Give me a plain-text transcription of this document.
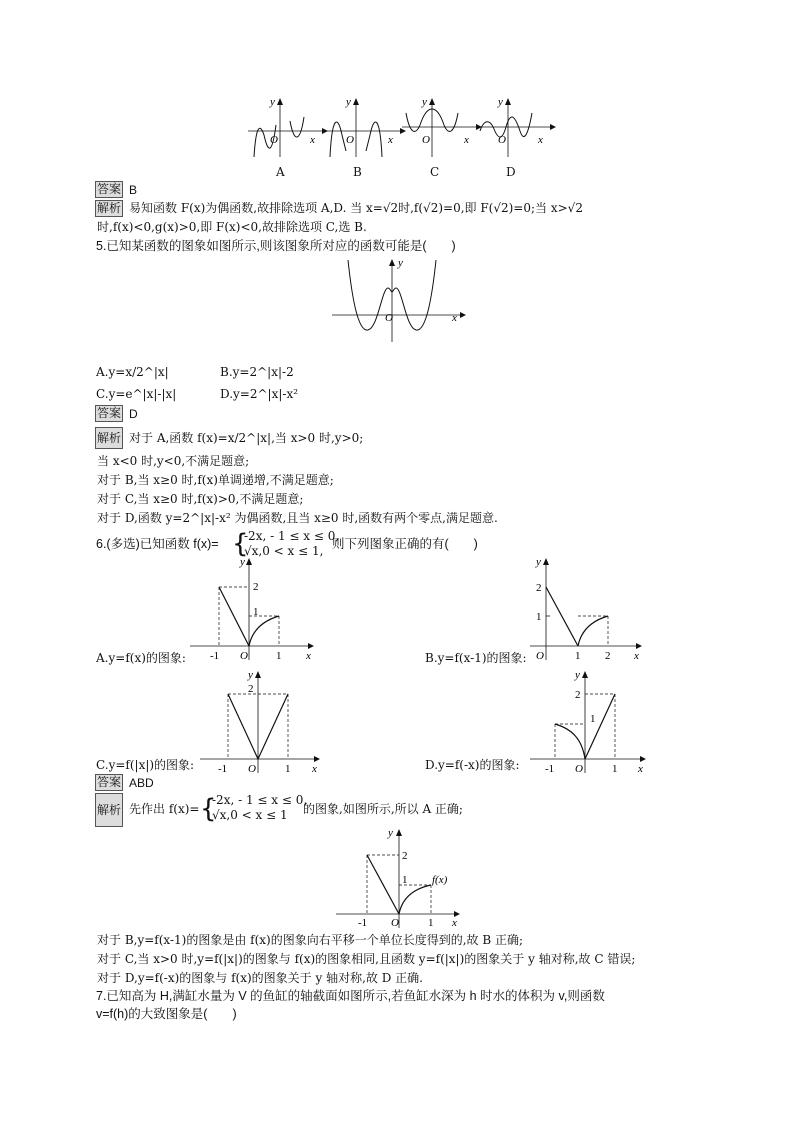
y
O	x
y
O	x
y
O	x
y
O	x
A	B	C	D
答案 B
解析 易知函数 F(x)为偶函数,故排除选项 A,D. 当 x=√2时,f(√2)=0,即 F(√2)=0;当 x>√2
时,f(x)<0,g(x)>0,即 F(x)<0,故排除选项 C,选 B.
5.已知某函数的图象如图所示,则该图象所对应的函数可能是(　　)
y
O	x
A.y=x/2^|x|	B.y=2^|x|-2
C.y=e^|x|-|x|	D.y=2^|x|-x²
答案 D
解析 对于 A,函数 f(x)=x/2^|x|,当 x>0 时,y>0;
当 x<0 时,y<0,不满足题意;
对于 B,当 x≥0 时,f(x)单调递增,不满足题意;
对于 C,当 x≥0 时,f(x)>0,不满足题意;
对于 D,函数 y=2^|x|-x² 为偶函数,且当 x≥0 时,函数有两个零点,满足题意.
6.(多选)已知函数 f(x)= {
-2x, - 1 ≤ x ≤ 0,
√x,0 < x ≤ 1, 则下列图象正确的有(　　)
y
2
1
-1 O	1 x
A.y=f(x)的图象:
y
2
1
O	1 2 x
B.y=f(x-1)的图象:
y
2
-1 O	1 x
C.y=f(|x|)的图象:
y
2
1
-1 O	1 x
D.y=f(-x)的图象:
答案 ABD
解析 先作出 f(x)= {
-2x, - 1 ≤ x ≤ 0,
√x,0 < x ≤ 1 的图象,如图所示,所以 A 正确;
y
2
1 f(x)
-1 O	1 x
对于 B,y=f(x-1)的图象是由 f(x)的图象向右平移一个单位长度得到的,故 B 正确;
对于 C,当 x>0 时,y=f(|x|)的图象与 f(x)的图象相同,且函数 y=f(|x|)的图象关于 y 轴对称,故 C 错误;
对于 D,y=f(-x)的图象与 f(x)的图象关于 y 轴对称,故 D 正确.
7.已知高为 H,满缸水量为 V 的鱼缸的轴截面如图所示,若鱼缸水深为 h 时水的体积为 v,则函数
v=f(h)的大致图象是(　　)
